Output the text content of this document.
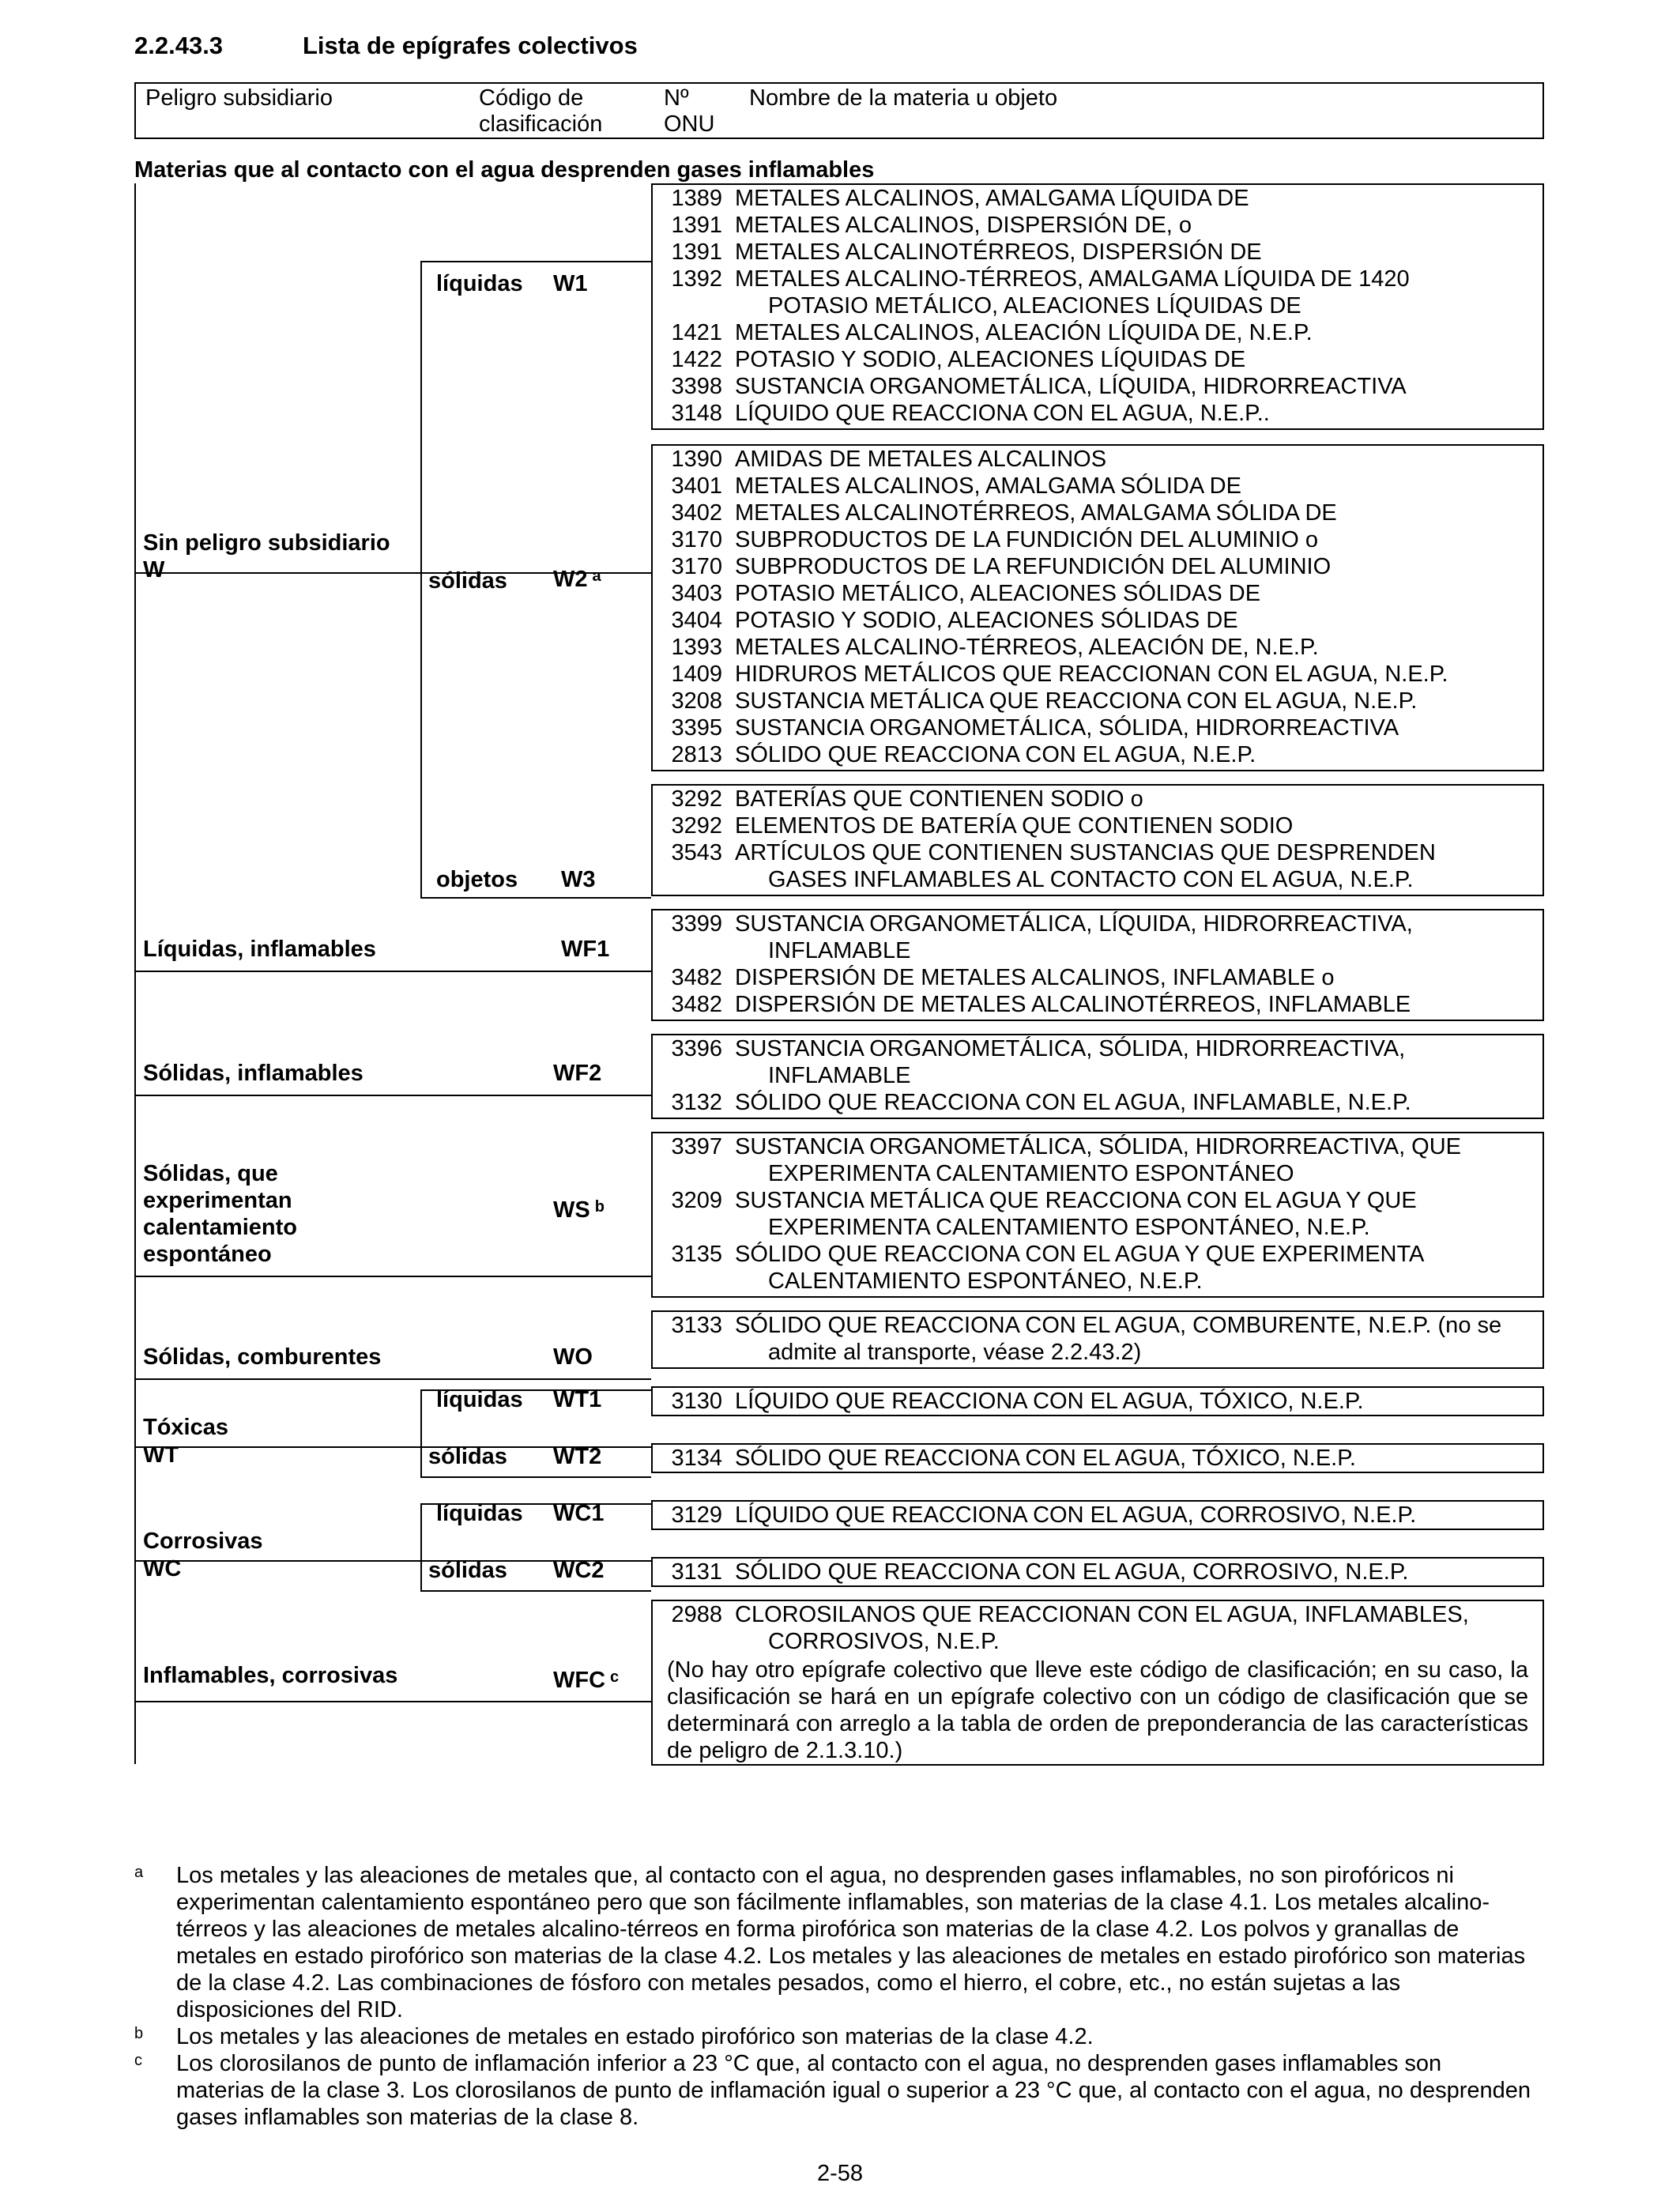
2.2.43.3	Lista de epígrafes colectivos
Peligro subsidiario	Código de
clasificación
Nº
ONU
Nombre de la materia u objeto
Materias que al contacto con el agua desprenden gases inflamables
Sin peligro subsidiario
W
Líquidas, inflamables
Sólidas, inflamables
Sólidas, que
experimentan
calentamiento
espontáneo
Sólidas, comburentes
Tóxicas
WT
Corrosivas
WC
Inflamables, corrosivas
líquidas
sólidas
objetos
líquidas
sólidas
líquidas
sólidas
W1
W2 $^a$
W3
WF1
WF2
WS $^b$
WO
WT1
WT2
WC1
WC2
WFC $^c$
1389 METALES ALCALINOS, AMALGAMA LÍQUIDA DE
1391 METALES ALCALINOS, DISPERSIÓN DE, o
1391 METALES ALCALINOTÉRREOS, DISPERSIÓN DE
1392 METALES ALCALINO-TÉRREOS, AMALGAMA LÍQUIDA DE 1420
POTASIO METÁLICO, ALEACIONES LÍQUIDAS DE
1421 METALES ALCALINOS, ALEACIÓN LÍQUIDA DE, N.E.P.
1422 POTASIO Y SODIO, ALEACIONES LÍQUIDAS DE
3398 SUSTANCIA ORGANOMETÁLICA, LÍQUIDA, HIDRORREACTIVA
3148 LÍQUIDO QUE REACCIONA CON EL AGUA, N.E.P..
1390 AMIDAS DE METALES ALCALINOS
3401 METALES ALCALINOS, AMALGAMA SÓLIDA DE
3402 METALES ALCALINOTÉRREOS, AMALGAMA SÓLIDA DE
3170 SUBPRODUCTOS DE LA FUNDICIÓN DEL ALUMINIO o
3170 SUBPRODUCTOS DE LA REFUNDICIÓN DEL ALUMINIO
3403 POTASIO METÁLICO, ALEACIONES SÓLIDAS DE
3404 POTASIO Y SODIO, ALEACIONES SÓLIDAS DE
1393 METALES ALCALINO-TÉRREOS, ALEACIÓN DE, N.E.P.
1409 HIDRUROS METÁLICOS QUE REACCIONAN CON EL AGUA, N.E.P.
3208 SUSTANCIA METÁLICA QUE REACCIONA CON EL AGUA, N.E.P.
3395 SUSTANCIA ORGANOMETÁLICA, SÓLIDA, HIDRORREACTIVA
2813 SÓLIDO QUE REACCIONA CON EL AGUA, N.E.P.
3292 BATERÍAS QUE CONTIENEN SODIO o
3292 ELEMENTOS DE BATERÍA QUE CONTIENEN SODIO
3543 ARTÍCULOS QUE CONTIENEN SUSTANCIAS QUE DESPRENDEN
GASES INFLAMABLES AL CONTACTO CON EL AGUA, N.E.P.
3399 SUSTANCIA ORGANOMETÁLICA, LÍQUIDA, HIDRORREACTIVA,
INFLAMABLE
3482 DISPERSIÓN DE METALES ALCALINOS, INFLAMABLE o
3482 DISPERSIÓN DE METALES ALCALINOTÉRREOS, INFLAMABLE
3396 SUSTANCIA ORGANOMETÁLICA, SÓLIDA, HIDRORREACTIVA,
INFLAMABLE
3132 SÓLIDO QUE REACCIONA CON EL AGUA, INFLAMABLE, N.E.P.
3397 SUSTANCIA ORGANOMETÁLICA, SÓLIDA, HIDRORREACTIVA, QUE
EXPERIMENTA CALENTAMIENTO ESPONTÁNEO
3209 SUSTANCIA METÁLICA QUE REACCIONA CON EL AGUA Y QUE
EXPERIMENTA CALENTAMIENTO ESPONTÁNEO, N.E.P.
3135 SÓLIDO QUE REACCIONA CON EL AGUA Y QUE EXPERIMENTA
CALENTAMIENTO ESPONTÁNEO, N.E.P.
3133 SÓLIDO QUE REACCIONA CON EL AGUA, COMBURENTE, N.E.P. (no se
admite al transporte, véase 2.2.43.2)
3130 LÍQUIDO QUE REACCIONA CON EL AGUA, TÓXICO, N.E.P.
3134 SÓLIDO QUE REACCIONA CON EL AGUA, TÓXICO, N.E.P.
3129 LÍQUIDO QUE REACCIONA CON EL AGUA, CORROSIVO, N.E.P.
3131 SÓLIDO QUE REACCIONA CON EL AGUA, CORROSIVO, N.E.P.
(No hay otro epígrafe colectivo que lleve este código de clasificación; en su caso, la clasificación se hará en un epígrafe colectivo con un código de clasificación que se determinará con arreglo a la tabla de orden de preponderancia de las características de peligro de 2.1.3.10.)
2988 CLOROSILANOS QUE REACCIONAN CON EL AGUA, INFLAMABLES,
CORROSIVOS, N.E.P.
a Los metales y las aleaciones de metales que, al contacto con el agua, no desprenden gases inflamables, no son pirofóricos ni experimentan calentamiento espontáneo pero que son fácilmente inflamables, son materias de la clase 4.1. Los metales alcalino-térreos y las aleaciones de metales alcalino-térreos en forma pirofórica son materias de la clase 4.2. Los polvos y granallas de metales en estado pirofórico son materias de la clase 4.2. Los metales y las aleaciones de metales en estado pirofórico son materias de la clase 4.2. Las combinaciones de fósforo con metales pesados, como el hierro, el cobre, etc., no están sujetas a las disposiciones del RID.
b Los metales y las aleaciones de metales en estado pirofórico son materias de la clase 4.2.
c Los clorosilanos de punto de inflamación inferior a 23 °C que, al contacto con el agua, no desprenden gases inflamables son materias de la clase 3. Los clorosilanos de punto de inflamación igual o superior a 23 °C que, al contacto con el agua, no desprenden gases inflamables son materias de la clase 8.
2-58
